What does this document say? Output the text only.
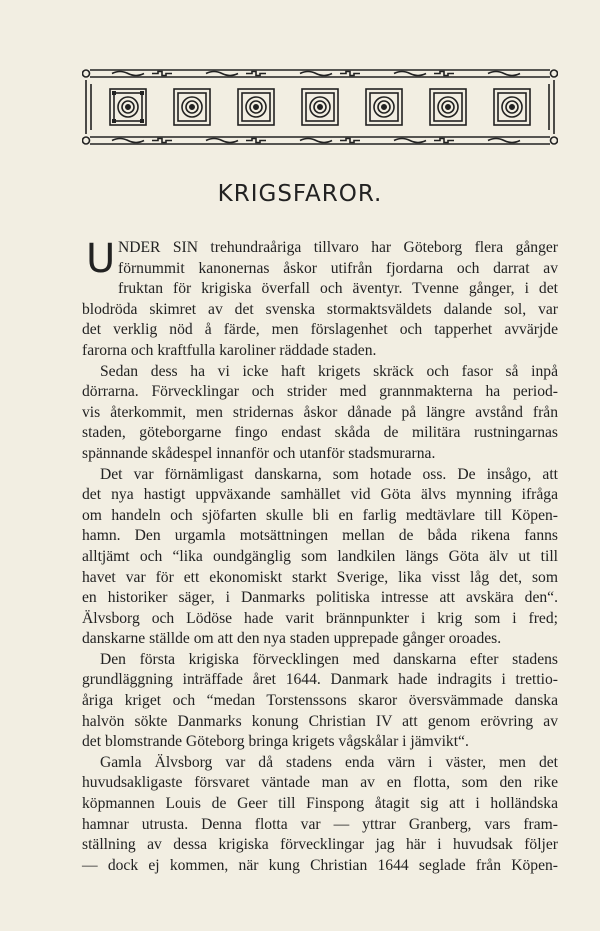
KRIGSFAROR.
U NDER SIN trehundraåriga tillvaro har Göteborg flera gånger
förnummit kanonernas åskor utifrån fjordarna och darrat av
fruktan för krigiska överfall och äventyr. Tvenne gånger, i det
blodröda skimret av det svenska stormaktsväldets dalande sol, var
det verklig nöd å färde, men förslagenhet och tapperhet avvärjde
farorna och kraftfulla karoliner räddade staden.
Sedan dess ha vi icke haft krigets skräck och fasor så inpå
dörrarna. Förvecklingar och strider med grannmakterna ha period-
vis återkommit, men stridernas åskor dånade på längre avstånd från
staden, göteborgarne fingo endast skåda de militära rustningarnas
spännande skådespel innanför och utanför stadsmurarna.
Det var förnämligast danskarna, som hotade oss. De insågo, att
det nya hastigt uppväxande samhället vid Göta älvs mynning ifråga
om handeln och sjöfarten skulle bli en farlig medtävlare till Köpen-
hamn. Den urgamla motsättningen mellan de båda rikena fanns
alltjämt och “lika oundgänglig som landkilen längs Göta älv ut till
havet var för ett ekonomiskt starkt Sverige, lika visst låg det, som
en historiker säger, i Danmarks politiska intresse att avskära den“.
Älvsborg och Lödöse hade varit brännpunkter i krig som i fred;
danskarne ställde om att den nya staden upprepade gånger oroades.
Den första krigiska förvecklingen med danskarna efter stadens
grundläggning inträffade året 1644. Danmark hade indragits i trettio-
åriga kriget och “medan Torstenssons skaror översvämmade danska
halvön sökte Danmarks konung Christian IV att genom erövring av
det blomstrande Göteborg bringa krigets vågskålar i jämvikt“.
Gamla Älvsborg var då stadens enda värn i väster, men det
huvudsakligaste försvaret väntade man av en flotta, som den rike
köpmannen Louis de Geer till Finspong åtagit sig att i holländska
hamnar utrusta. Denna flotta var — yttrar Granberg, vars fram-
ställning av dessa krigiska förvecklingar jag här i huvudsak följer
— dock ej kommen, när kung Christian 1644 seglade från Köpen-
